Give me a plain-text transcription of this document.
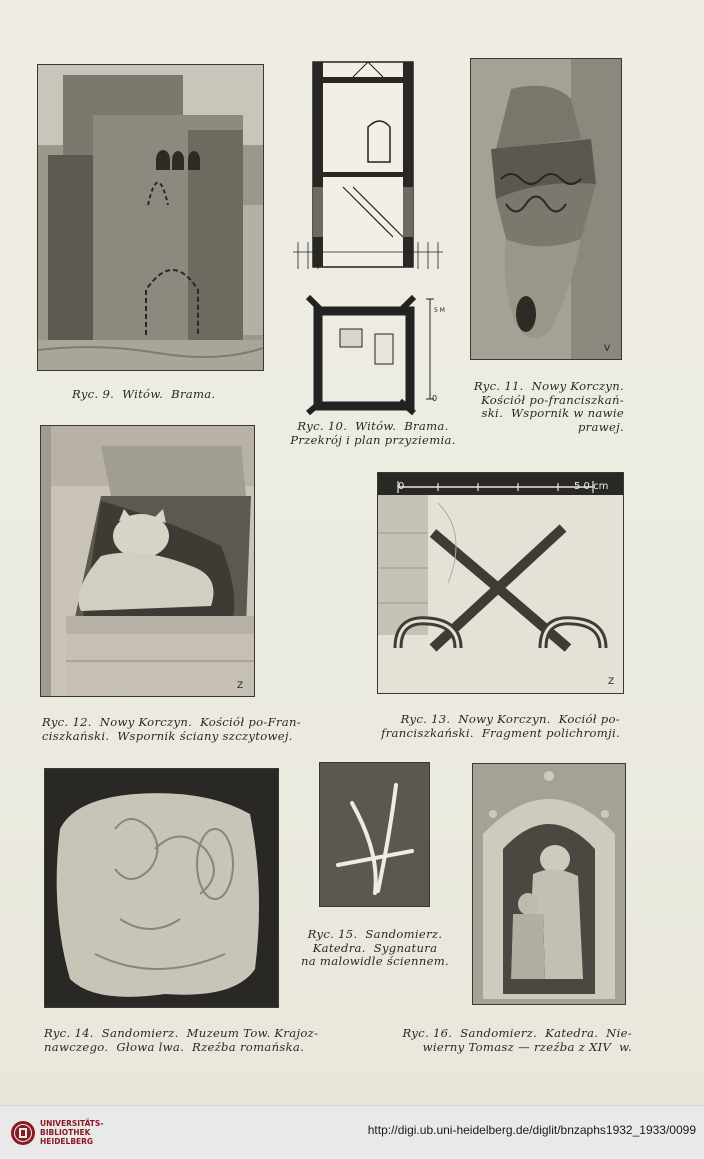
Ryc. 9.  Witów.  Brama.
5 M
0
Ryc. 10.  Witów.  Brama.
Przekrój i plan przyziemia.
V
Ryc. 11.  Nowy Korczyn.
Kościół po-franciszkań-
ski.  Wspornik w nawie
prawej.
Z
Ryc. 12.  Nowy Korczyn.  Kościół po-Fran-
ciszkański.  Wspornik ściany szczytowej.
0	5 0 cm
Z
Ryc. 13.  Nowy Korczyn.  Kociół po-
franciszkański.  Fragment polichromji.
Ryc. 14.  Sandomierz.  Muzeum Tow. Krajoz-
nawczego.  Głowa lwa.  Rzeźba romańska.
Ryc. 15.  Sandomierz.
Katedra.  Sygnatura
na malowidle ściennem.
Ryc. 16.  Sandomierz.  Katedra.  Nie-
wierny Tomasz — rzeźba z XIV  w.
UNIVERSITÄTS-
BIBLIOTHEK
HEIDELBERG
http://digi.ub.uni-heidelberg.de/diglit/bnzaphs1932_1933/0099
